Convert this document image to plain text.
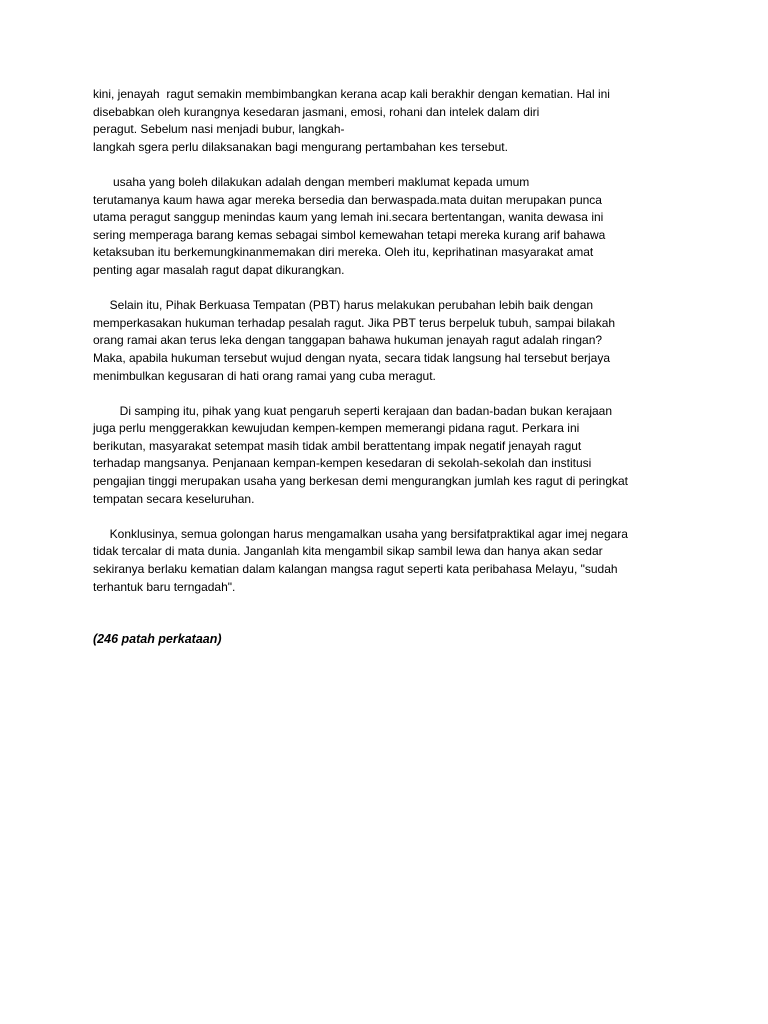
kini, jenayah  ragut semakin membimbangkan kerana acap kali berakhir dengan kematian. Hal ini
disebabkan oleh kurangnya kesedaran jasmani, emosi, rohani dan intelek dalam diri
peragut. Sebelum nasi menjadi bubur, langkah-
langkah sgera perlu dilaksanakan bagi mengurang pertambahan kes tersebut.
usaha yang boleh dilakukan adalah dengan memberi maklumat kepada umum
terutamanya kaum hawa agar mereka bersedia dan berwaspada.mata duitan merupakan punca
utama peragut sanggup menindas kaum yang lemah ini.secara bertentangan, wanita dewasa ini
sering memperaga barang kemas sebagai simbol kemewahan tetapi mereka kurang arif bahawa
ketaksuban itu berkemungkinanmemakan diri mereka. Oleh itu, keprihatinan masyarakat amat
penting agar masalah ragut dapat dikurangkan.
Selain itu, Pihak Berkuasa Tempatan (PBT) harus melakukan perubahan lebih baik dengan
memperkasakan hukuman terhadap pesalah ragut. Jika PBT terus berpeluk tubuh, sampai bilakah
orang ramai akan terus leka dengan tanggapan bahawa hukuman jenayah ragut adalah ringan?
Maka, apabila hukuman tersebut wujud dengan nyata, secara tidak langsung hal tersebut berjaya
menimbulkan kegusaran di hati orang ramai yang cuba meragut.
Di samping itu, pihak yang kuat pengaruh seperti kerajaan dan badan-badan bukan kerajaan
juga perlu menggerakkan kewujudan kempen-kempen memerangi pidana ragut. Perkara ini
berikutan, masyarakat setempat masih tidak ambil berattentang impak negatif jenayah ragut
terhadap mangsanya. Penjanaan kempan-kempen kesedaran di sekolah-sekolah dan institusi
pengajian tinggi merupakan usaha yang berkesan demi mengurangkan jumlah kes ragut di peringkat
tempatan secara keseluruhan.
Konklusinya, semua golongan harus mengamalkan usaha yang bersifatpraktikal agar imej negara
tidak tercalar di mata dunia. Janganlah kita mengambil sikap sambil lewa dan hanya akan sedar
sekiranya berlaku kematian dalam kalangan mangsa ragut seperti kata peribahasa Melayu, "sudah
terhantuk baru terngadah".
(246 patah perkataan)
